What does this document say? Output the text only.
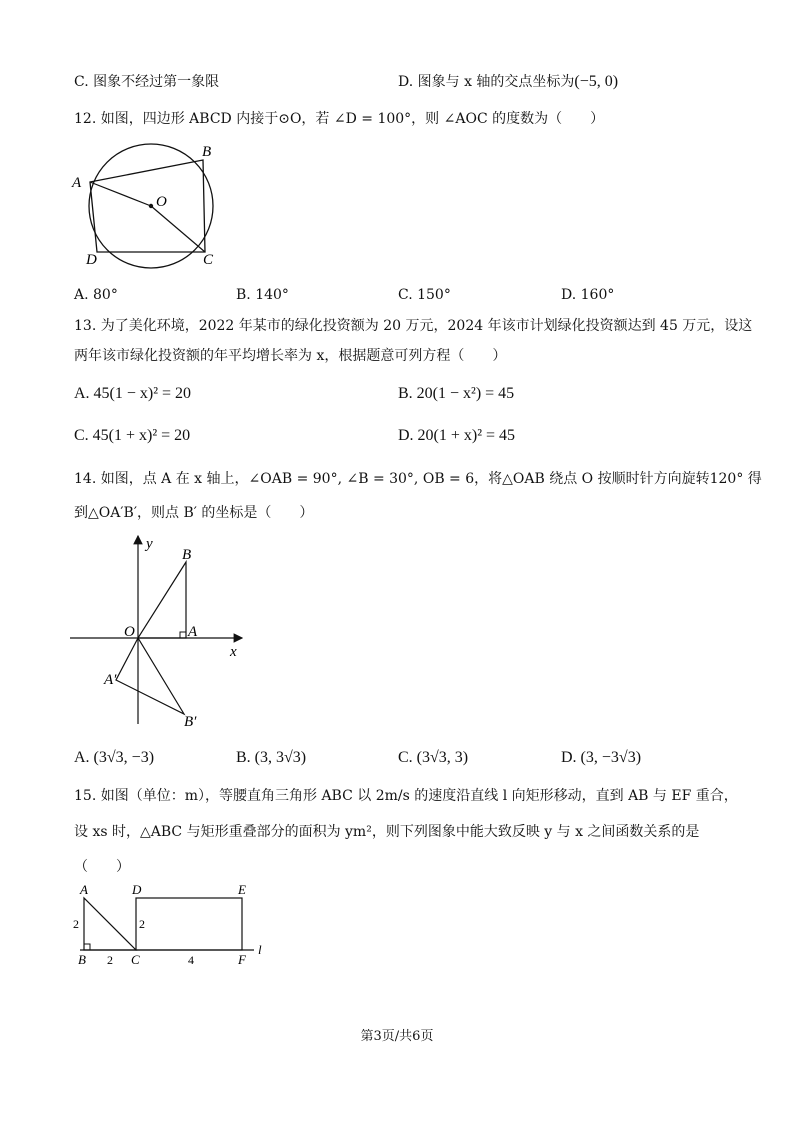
C. 图象不经过第一象限	D. 图象与 x 轴的交点坐标为(−5, 0)
12. 如图，四边形 ABCD 内接于⊙O，若 ∠D = 100°，则 ∠AOC 的度数为（　　）
A
B
O
D	C
A. 80°	B. 140°	C. 150°	D. 160°
13. 为了美化环境，2022 年某市的绿化投资额为 20 万元，2024 年该市计划绿化投资额达到 45 万元，设这
两年该市绿化投资额的年平均增长率为 x，根据题意可列方程（　　）
A. 45(1 − x)² = 20	B. 20(1 − x²) = 45
C. 45(1 + x)² = 20	D. 20(1 + x)² = 45
14. 如图，点 A 在 x 轴上，∠OAB = 90°, ∠B = 30°, OB = 6，将△OAB 绕点 O 按顺时针方向旋转120° 得
到△OA′B′，则点 B′ 的坐标是（　　）
y
x
O	A
B
A′
B′
A. (3√3, −3)	B. (3, 3√3)	C. (3√3, 3)	D. (3, −3√3)
15. 如图（单位：m），等腰直角三角形 ABC 以 2m/s 的速度沿直线 l 向矩形移动，直到 AB 与 EF 重合，
设 xs 时，△ABC 与矩形重叠部分的面积为 ym²，则下列图象中能大致反映 y 与 x 之间函数关系的是
（　　）
A	D	E
2	2
B 2 C	4	F
l
第3页/共6页
